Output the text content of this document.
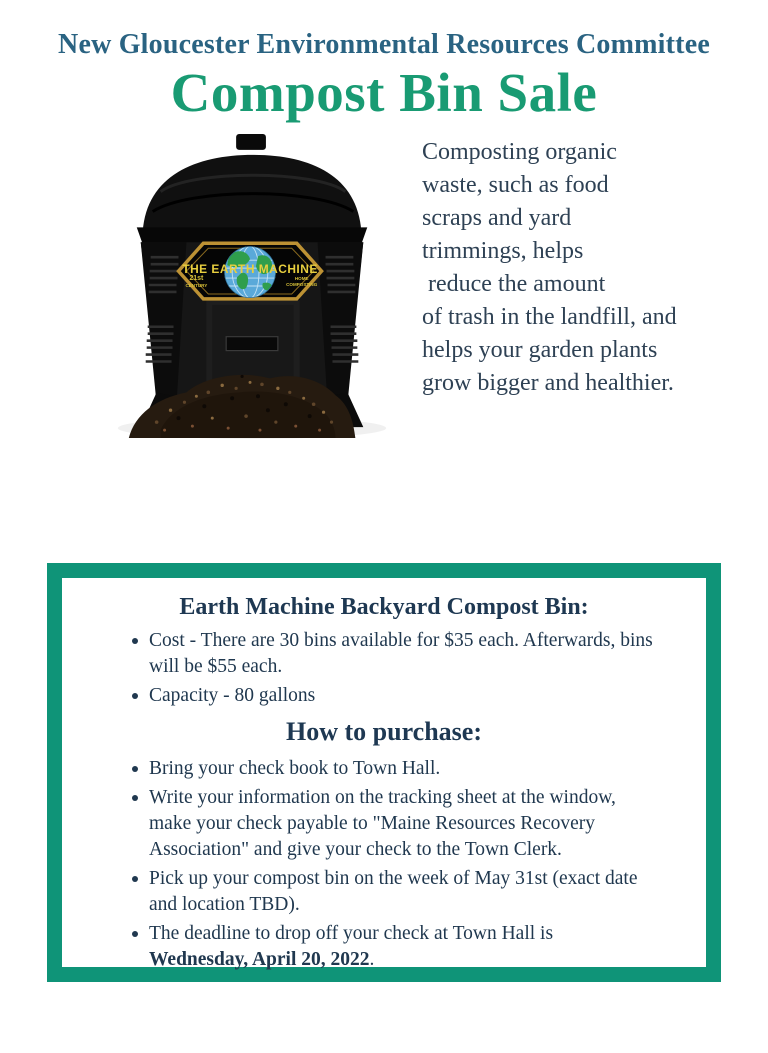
New Gloucester Environmental Resources Committee
Compost Bin Sale
THE EARTH MACHINE
21st
CENTURY
HOME
COMPOSTING
Composting organic
waste, such as food
scraps and yard
trimmings, helps
reduce the amount
of trash in the landfill, and
helps your garden plants
grow bigger and healthier.
Earth Machine Backyard Compost Bin:
Cost - There are 30 bins available for $35 each. Afterwards, bins
will be $55 each.
Capacity - 80 gallons
How to purchase:
Bring your check book to Town Hall.
Write your information on the tracking sheet at the window,
make your check payable to "Maine Resources Recovery
Association" and give your check to the Town Clerk.
Pick up your compost bin on the week of May 31st (exact date
and location TBD).
The deadline to drop off your check at Town Hall is
Wednesday, April 20, 2022.
